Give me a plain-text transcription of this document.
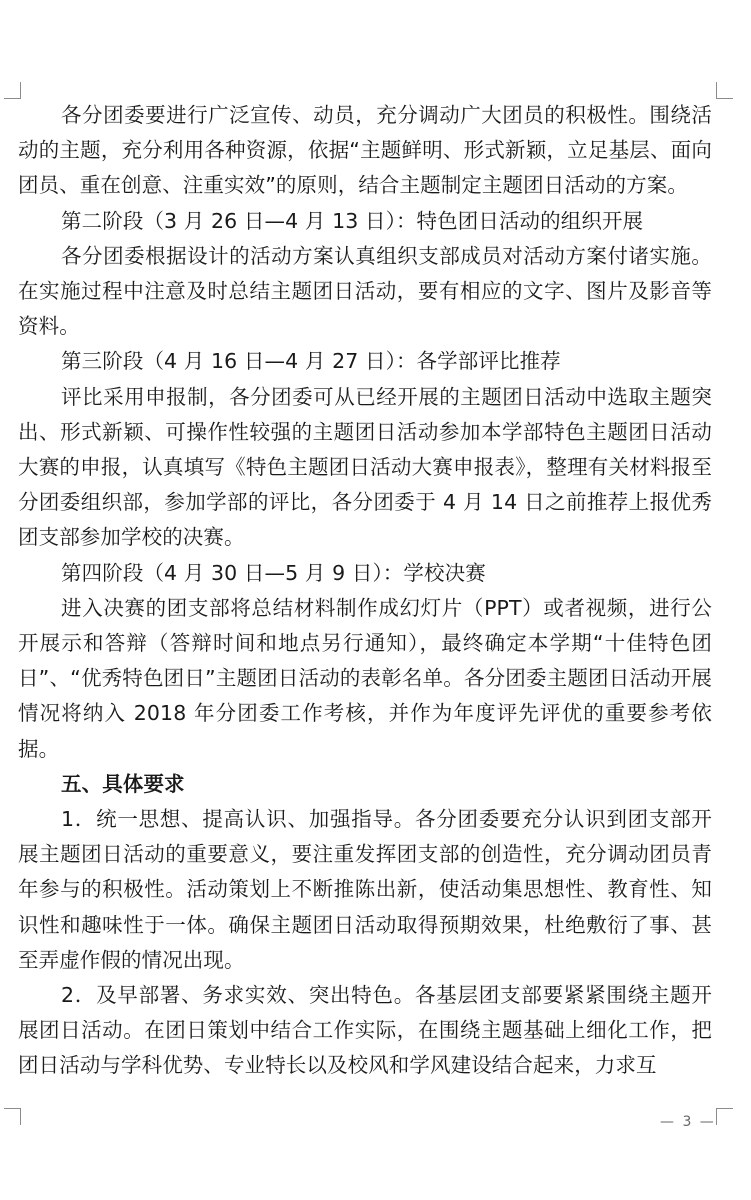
各分团委要进行广泛宣传、动员，充分调动广大团员的积极性。围绕活动的主题，充分利用各种资源，依据“主题鲜明、形式新颖，立足基层、面向团员、重在创意、注重实效”的原则，结合主题制定主题团日活动的方案。

第二阶段（3 月 26 日—4 月 13 日）：特色团日活动的组织开展

各分团委根据设计的活动方案认真组织支部成员对活动方案付诸实施。在实施过程中注意及时总结主题团日活动，要有相应的文字、图片及影音等资料。

第三阶段（4 月 16 日—4 月 27 日）：各学部评比推荐

评比采用申报制，各分团委可从已经开展的主题团日活动中选取主题突出、形式新颖、可操作性较强的主题团日活动参加本学部特色主题团日活动大赛的申报，认真填写《特色主题团日活动大赛申报表》，整理有关材料报至分团委组织部，参加学部的评比，各分团委于 4 月 14 日之前推荐上报优秀团支部参加学校的决赛。

第四阶段（4 月 30 日—5 月 9 日）：学校决赛

进入决赛的团支部将总结材料制作成幻灯片（PPT）或者视频，进行公开展示和答辩（答辩时间和地点另行通知），最终确定本学期“十佳特色团日”、“优秀特色团日”主题团日活动的表彰名单。各分团委主题团日活动开展情况将纳入 2018 年分团委工作考核，并作为年度评先评优的重要参考依据。

五、具体要求

1．统一思想、提高认识、加强指导。各分团委要充分认识到团支部开展主题团日活动的重要意义，要注重发挥团支部的创造性，充分调动团员青年参与的积极性。活动策划上不断推陈出新，使活动集思想性、教育性、知识性和趣味性于一体。确保主题团日活动取得预期效果，杜绝敷衍了事、甚至弄虚作假的情况出现。

2．及早部署、务求实效、突出特色。各基层团支部要紧紧围绕主题开展团日活动。在团日策划中结合工作实际，在围绕主题基础上细化工作，把团日活动与学科优势、专业特长以及校风和学风建设结合起来，力求互

— 3 —
